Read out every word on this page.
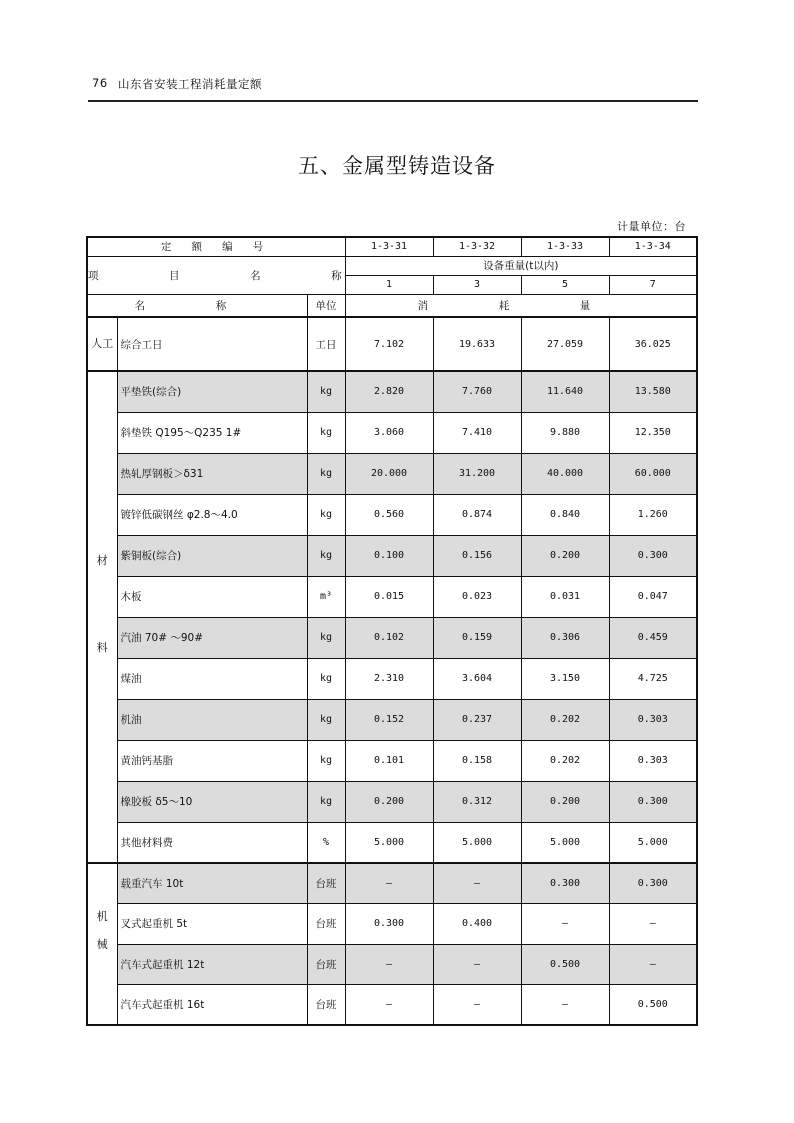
76 山东省安装工程消耗量定额
五、金属型铸造设备
计量单位：台
定 额 编 号			1-3-31	1-3-32	1-3-33	1-3-34
项 目 名 称			设备重量(t以内)			
			1	3	5	7
名 称		单位	消 耗 量			
人工	综合工日	工日	7.102	19.633	27.059	36.025

材
料	平垫铁(综合)	kg	2.820	7.760	11.640	13.580
	斜垫铁 Q195～Q235 1#	kg	3.060	7.410	9.880	12.350
	热轧厚钢板＞δ31	kg	20.000	31.200	40.000	60.000
	镀锌低碳钢丝 φ2.8～4.0	kg	0.560	0.874	0.840	1.260
	紫铜板(综合)	kg	0.100	0.156	0.200	0.300
	木板	m³	0.015	0.023	0.031	0.047
	汽油 70# ～90#	kg	0.102	0.159	0.306	0.459
	煤油	kg	2.310	3.604	3.150	4.725
	机油	kg	0.152	0.237	0.202	0.303
	黄油钙基脂	kg	0.101	0.158	0.202	0.303
	橡胶板 δ5～10	kg	0.200	0.312	0.200	0.300
	其他材料费	%	5.000	5.000	5.000	5.000

机
械	载重汽车 10t	台班	—	—	0.300	0.300
	叉式起重机 5t	台班	0.300	0.400	—	—
	汽车式起重机 12t	台班	—	—	0.500	—
	汽车式起重机 16t	台班	—	—	—	0.500
